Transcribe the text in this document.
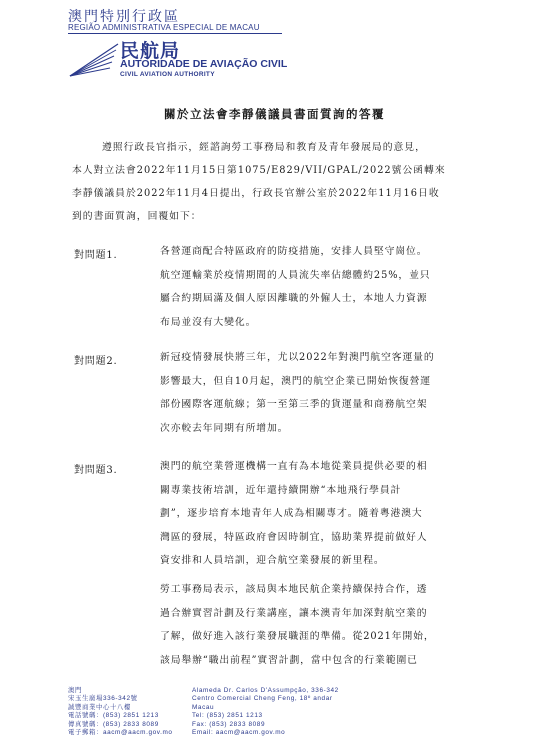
澳門特別行政區
REGIÃO ADMINISTRATIVA ESPECIAL DE MACAU
民航局
AUTORIDADE DE AVIAÇÃO CIVIL
CIVIL AVIATION AUTHORITY
關於立法會李靜儀議員書面質詢的答覆
遵照行政長官指示，經諮詢勞工事務局和教育及青年發展局的意見，
本人對立法會2022年11月15日第1075/E829/VII/GPAL/2022號公函轉來
李靜儀議員於2022年11月4日提出，行政長官辦公室於2022年11月16日收
到的書面質詢，回覆如下：
對問題1.	各營運商配合特區政府的防疫措施，安排人員堅守崗位。

航空運輸業於疫情期間的人員流失率佔總體約25%，並只

屬合約期屆滿及個人原因離職的外僱人士，本地人力資源

布局並沒有大變化。

對問題2.	新冠疫情發展快將三年，尤以2022年對澳門航空客運量的

影響最大，但自10月起，澳門的航空企業已開始恢復營運

部份國際客運航線；第一至第三季的貨運量和商務航空架

次亦較去年同期有所增加。

對問題3.	澳門的航空業營運機構一直有為本地從業員提供必要的相

關專業技術培訓，近年還持續開辦“本地飛行學員計

劃”，逐步培育本地青年人成為相關專才。隨着粵港澳大

灣區的發展，特區政府會因時制宜，協助業界提前做好人

資安排和人員培訓，迎合航空業發展的新里程。

勞工事務局表示，該局與本地民航企業持續保持合作，透

過合辦實習計劃及行業講座，讓本澳青年加深對航空業的

了解，做好進入該行業發展職涯的準備。從2021年開始，

該局舉辦“職出前程”實習計劃，當中包含的行業範圍已

澳門
宋玉生廣場336-342號
誠豐商業中心十八樓
電話號碼：(853) 2851 1213
傳真號碼：(853) 2833 8089
電子郵箱：aacm@aacm.gov.mo
Alameda Dr. Carlos D'Assumpção, 336-342
Centro Comercial Cheng Feng, 18º andar
Macau
Tel: (853) 2851 1213
Fax: (853) 2833 8089
Email: aacm@aacm.gov.mo
